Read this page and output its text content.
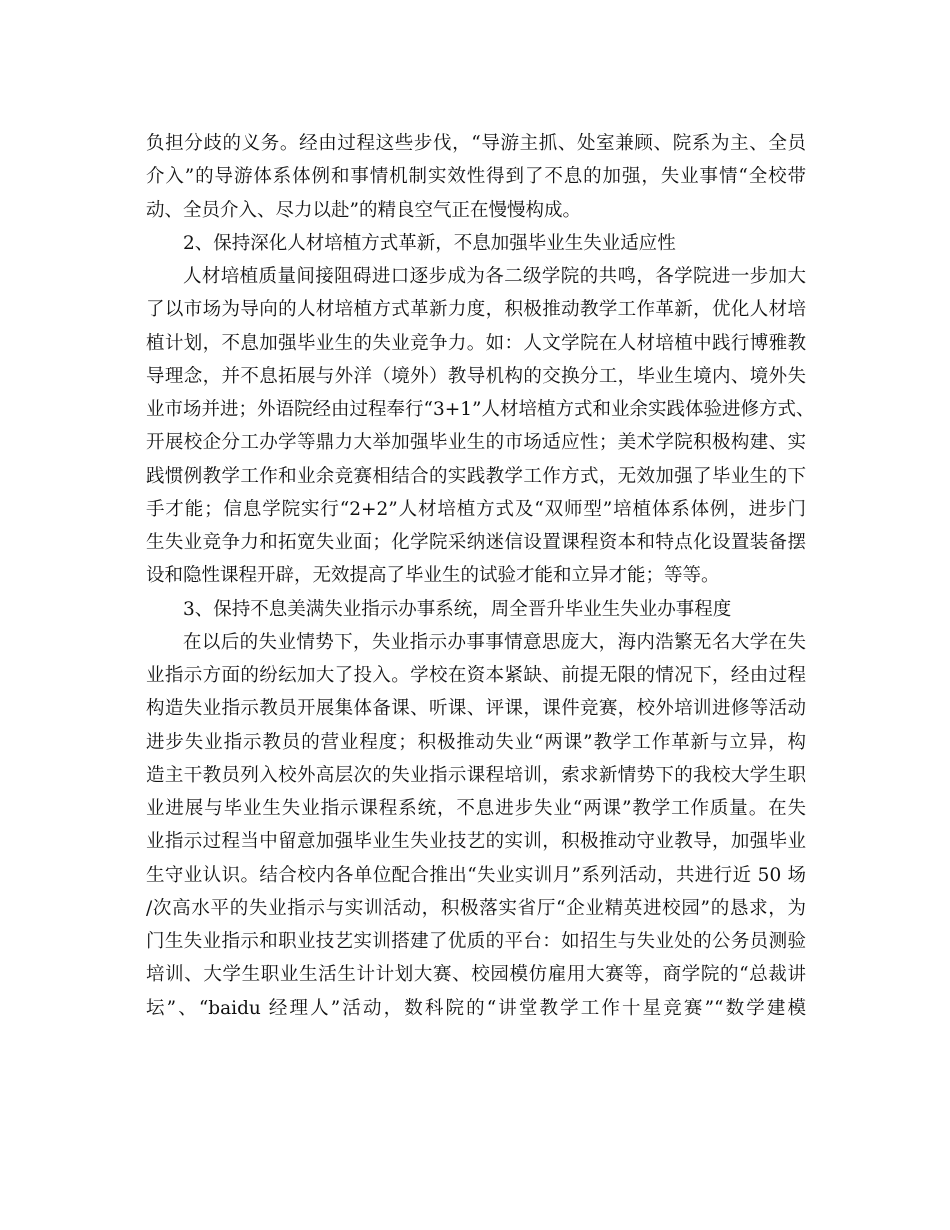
负担分歧的义务。经由过程这些步伐，“导游主抓、处室兼顾、院系为主、全员
介入”的导游体系体例和事情机制实效性得到了不息的加强，失业事情“全校带
动、全员介入、尽力以赴”的精良空气正在慢慢构成。
2、保持深化人材培植方式革新，不息加强毕业生失业适应性
人材培植质量间接阻碍进口逐步成为各二级学院的共鸣，各学院进一步加大
了以市场为导向的人材培植方式革新力度，积极推动教学工作革新，优化人材培
植计划，不息加强毕业生的失业竞争力。如：人文学院在人材培植中践行博雅教
导理念，并不息拓展与外洋（境外）教导机构的交换分工，毕业生境内、境外失
业市场并进；外语院经由过程奉行“3+1”人材培植方式和业余实践体验进修方式、
开展校企分工办学等鼎力大举加强毕业生的市场适应性；美术学院积极构建、实
践惯例教学工作和业余竞赛相结合的实践教学工作方式，无效加强了毕业生的下
手才能；信息学院实行“2+2”人材培植方式及“双师型”培植体系体例，进步门
生失业竞争力和拓宽失业面；化学院采纳迷信设置课程资本和特点化设置装备摆
设和隐性课程开辟，无效提高了毕业生的试验才能和立异才能；等等。
3、保持不息美满失业指示办事系统，周全晋升毕业生失业办事程度
在以后的失业情势下，失业指示办事事情意思庞大，海内浩繁无名大学在失
业指示方面的纷纭加大了投入。学校在资本紧缺、前提无限的情况下，经由过程
构造失业指示教员开展集体备课、听课、评课，课件竞赛，校外培训进修等活动
进步失业指示教员的营业程度；积极推动失业“两课”教学工作革新与立异，构
造主干教员列入校外高层次的失业指示课程培训，索求新情势下的我校大学生职
业进展与毕业生失业指示课程系统，不息进步失业“两课”教学工作质量。在失
业指示过程当中留意加强毕业生失业技艺的实训，积极推动守业教导，加强毕业
生守业认识。结合校内各单位配合推出“失业实训月”系列活动，共进行近 50 场
/次高水平的失业指示与实训活动，积极落实省厅“企业精英进校园”的恳求，为
门生失业指示和职业技艺实训搭建了优质的平台：如招生与失业处的公务员测验
培训、大学生职业生活生计计划大赛、校园模仿雇用大赛等，商学院的“总裁讲
坛”、“baidu 经理人”活动，数科院的“讲堂教学工作十星竞赛”“数学建模
